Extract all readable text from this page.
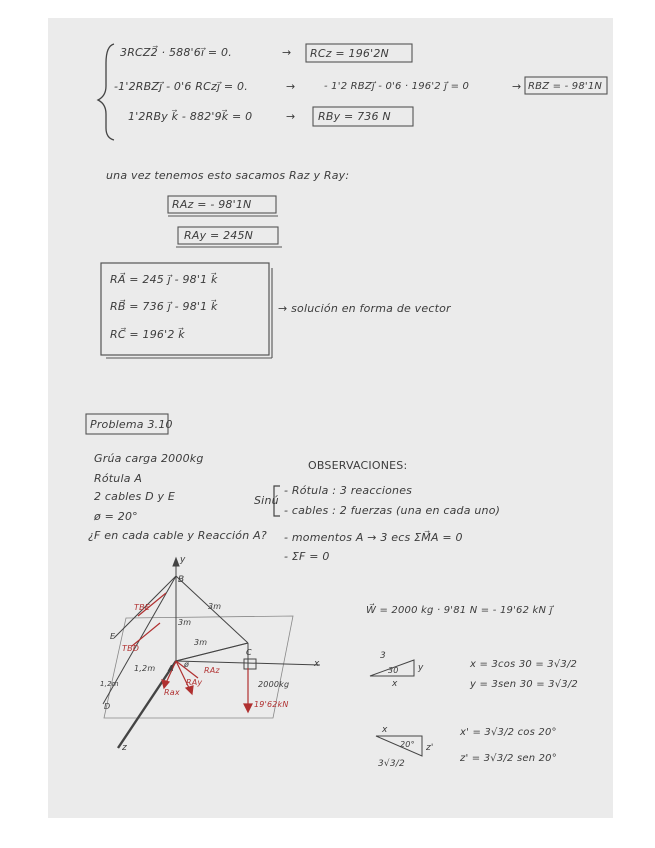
3RCZ2⃗ · 588'6i⃗ = 0.	→ RCz = 196'2N
-1'2RBZj⃗ - 0'6 RCzj⃗ = 0.	→	- 1'2 RBZj⃗ - 0'6 · 196'2 j⃗ = 0	→ RBZ = - 98'1N
1'2RBy k⃗ - 882'9k⃗ = 0	→ RBy = 736 N
una vez tenemos esto sacamos Raz y Ray:
RAz = - 98'1N
RAy = 245N
RA⃗ = 245 j⃗ - 98'1 k⃗
RB⃗ = 736 j⃗ - 98'1 k⃗
RC⃗ = 196'2 k⃗
→ solución en forma de vector
Problema 3.10
Grúa carga 2000kg
Rótula A
2 cables D y E
ø = 20°
¿F en cada cable y Reacción A?
OBSERVACIONES:
Sinú
- Rótula : 3 reacciones
- cables : 2 fuerzas (una en cada uno)
- momentos A → 3 ecs ΣM⃗A = 0
- ΣF = 0
W⃗ = 2000 kg · 9'81 N = - 19'62 kN j⃗
3
30 y
x
x = 3cos 30 = 3√3/2
y = 3sen 30 = 3√3/2
x
20° z'
3√3/2
x' = 3√3/2 cos 20°
z' = 3√3/2 sen 20°
y
B
x
z
A
D
E
C
3m
3m
3m
1,2m
1,2m
TBE
TBD
Rax
RAy
RAz
2000kg
19'62kN
ø
